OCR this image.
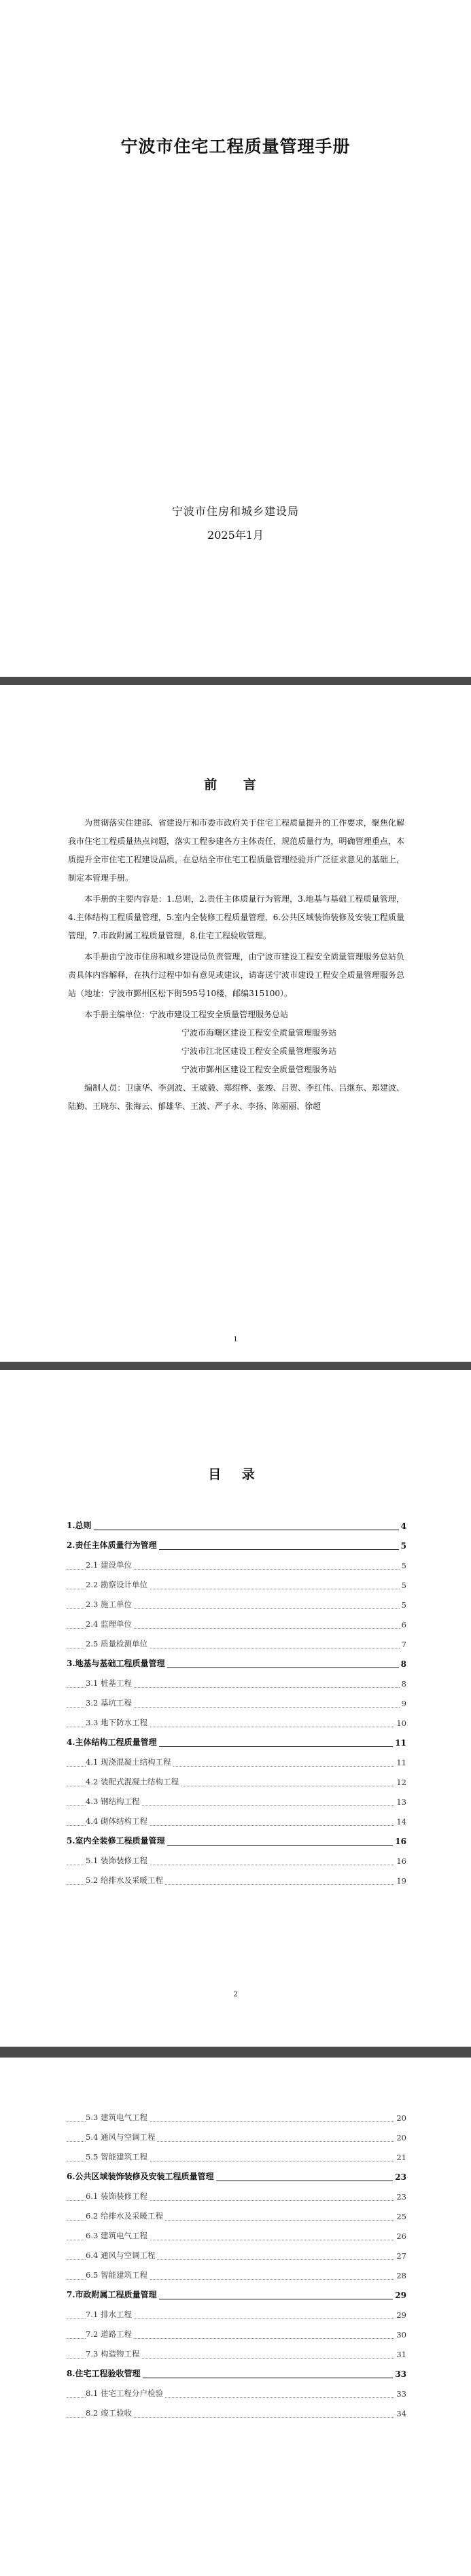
宁波市住宅工程质量管理手册
宁波市住房和城乡建设局
2025年1月
前 言

为贯彻落实住建部、省建设厅和市委市政府关于住宅工程质量提升的工作要求，聚焦化解我市住宅工程质量热点问题，落实工程参建各方主体责任，规范质量行为，明确管理重点，本质提升全市住宅工程建设品质，在总结全市住宅工程质量管理经验并广泛征求意见的基础上，制定本管理手册。

本手册的主要内容是：1.总则，2.责任主体质量行为管理，3.地基与基础工程质量管理，4.主体结构工程质量管理，5.室内全装修工程质量管理，6.公共区域装饰装修及安装工程质量管理，7.市政附属工程质量管理，8.住宅工程验收管理。

本手册由宁波市住房和城乡建设局负责管理，由宁波市建设工程安全质量管理服务总站负责具体内容解释，在执行过程中如有意见或建议，请寄送宁波市建设工程安全质量管理服务总站（地址：宁波市鄞州区松下街595号10楼，邮编315100）。

本手册主编单位：宁波市建设工程安全质量管理服务总站

宁波市海曙区建设工程安全质量管理服务站

宁波市江北区建设工程安全质量管理服务站

宁波市鄞州区建设工程安全质量管理服务站

编制人员：卫康华、李剑波、王威毅、郑绍桦、张竣、吕贺、李红伟、吕继东、郑建波、陆勤、王晓东、张海云、郁雄华、王波、严子永、李扬、陈丽丽、徐超

1
目 录
1.总则	4
2.责任主体质量行为管理	5
2.1 建设单位	5
2.2 勘察设计单位	5
2.3 施工单位	5
2.4 监理单位	6
2.5 质量检测单位	7
3.地基与基础工程质量管理	8
3.1 桩基工程	8
3.2 基坑工程	9
3.3 地下防水工程	10
4.主体结构工程质量管理	11
4.1 现浇混凝土结构工程	11
4.2 装配式混凝土结构工程	12
4.3 钢结构工程	13
4.4 砌体结构工程	14
5.室内全装修工程质量管理	16
5.1 装饰装修工程	16
5.2 给排水及采暖工程	19
2
5.3 建筑电气工程	20
5.4 通风与空调工程	20
5.5 智能建筑工程	21
6.公共区域装饰装修及安装工程质量管理	23
6.1 装饰装修工程	23
6.2 给排水及采暖工程	25
6.3 建筑电气工程	26
6.4 通风与空调工程	27
6.5 智能建筑工程	28
7.市政附属工程质量管理	29
7.1 排水工程	29
7.2 道路工程	30
7.3 构造物工程	31
8.住宅工程验收管理	33
8.1 住宅工程分户检验	33
8.2 竣工验收	34
